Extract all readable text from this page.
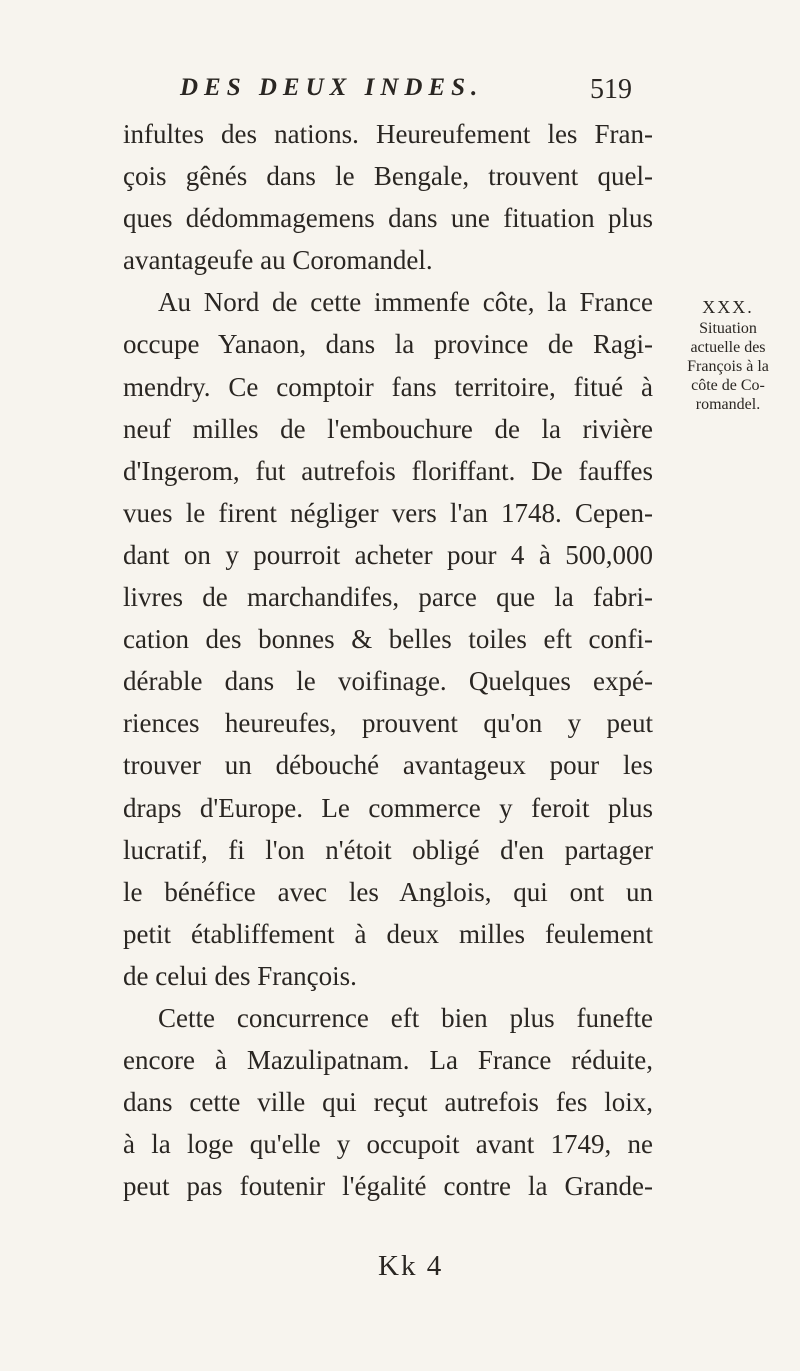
DES DEUX INDES.	519
infultes des nations. Heureufement les Fran-
çois gênés dans le Bengale, trouvent quel-
ques dédommagemens dans une fituation plus
avantageufe au Coromandel.
Au Nord de cette immenfe côte, la France
occupe Yanaon, dans la province de Ragi-
mendry. Ce comptoir fans territoire, fitué à
neuf milles de l'embouchure de la rivière
d'Ingerom, fut autrefois floriffant. De fauffes
vues le firent négliger vers l'an 1748. Cepen-
dant on y pourroit acheter pour 4 à 500,000
livres de marchandifes, parce que la fabri-
cation des bonnes & belles toiles eft confi-
dérable dans le voifinage. Quelques expé-
riences heureufes, prouvent qu'on y peut
trouver un débouché avantageux pour les
draps d'Europe. Le commerce y feroit plus
lucratif, fi l'on n'étoit obligé d'en partager
le bénéfice avec les Anglois, qui ont un
petit établiffement à deux milles feulement
de celui des François.
Cette concurrence eft bien plus funefte
encore à Mazulipatnam. La France réduite,
dans cette ville qui reçut autrefois fes loix,
à la loge qu'elle y occupoit avant 1749, ne
peut pas foutenir l'égalité contre la Grande-
XXX.
Situation
actuelle des
François à la
côte de Co-
romandel.
Kk 4
